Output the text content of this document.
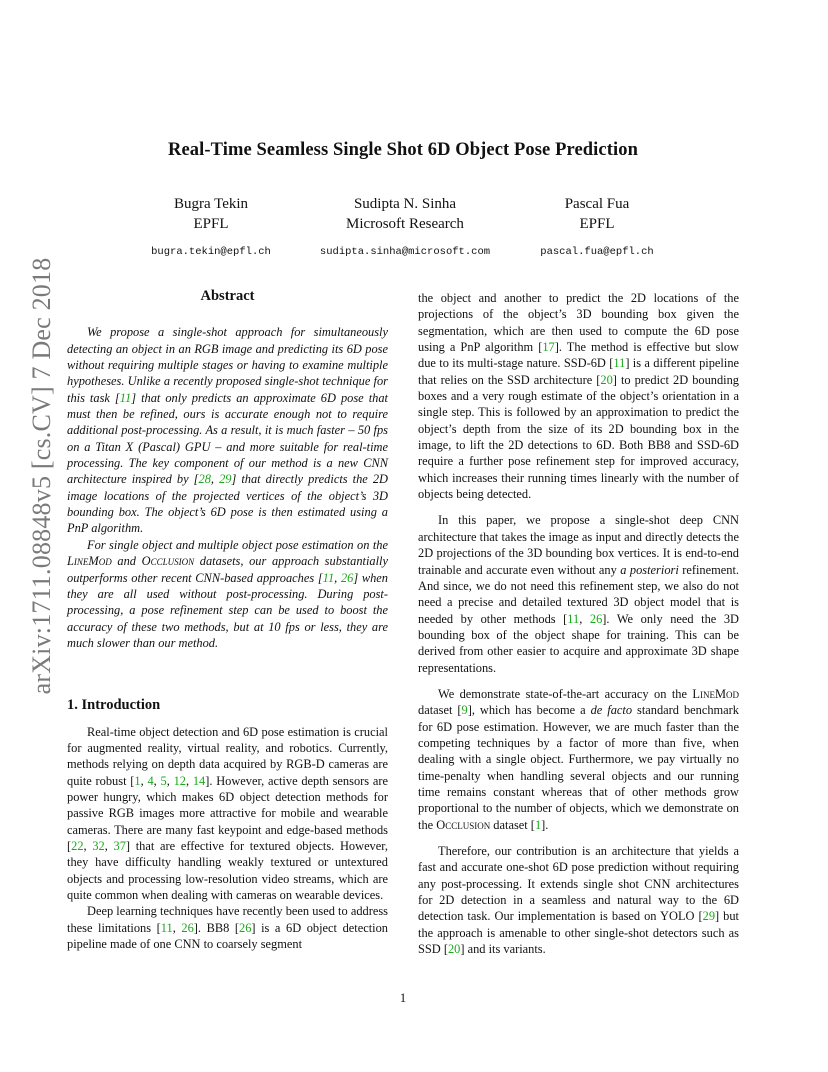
arXiv:1711.08848v5 [cs.CV] 7 Dec 2018
Real-Time Seamless Single Shot 6D Object Pose Prediction
Bugra Tekin
EPFL
bugra.tekin@epfl.ch
Sudipta N. Sinha
Microsoft Research
sudipta.sinha@microsoft.com
Pascal Fua
EPFL
pascal.fua@epfl.ch
Abstract

We propose a single-shot approach for simultaneously detecting an object in an RGB image and predicting its 6D pose without requiring multiple stages or having to examine multiple hypotheses. Unlike a recently proposed single-shot technique for this task [11] that only predicts an approximate 6D pose that must then be refined, ours is accurate enough not to require additional post-processing. As a result, it is much faster – 50 fps on a Titan X (Pascal) GPU – and more suitable for real-time processing. The key component of our method is a new CNN architecture inspired by [28, 29] that directly predicts the 2D image locations of the projected vertices of the object’s 3D bounding box. The object’s 6D pose is then estimated using a PnP algorithm.

For single object and multiple object pose estimation on the LineMod and Occlusion datasets, our approach substantially outperforms other recent CNN-based approaches [11, 26] when they are all used without post-processing. During post-processing, a pose refinement step can be used to boost the accuracy of these two methods, but at 10 fps or less, they are much slower than our method.

1. Introduction

Real-time object detection and 6D pose estimation is crucial for augmented reality, virtual reality, and robotics. Currently, methods relying on depth data acquired by RGB-D cameras are quite robust [1, 4, 5, 12, 14]. However, active depth sensors are power hungry, which makes 6D object detection methods for passive RGB images more attractive for mobile and wearable cameras. There are many fast keypoint and edge-based methods [22, 32, 37] that are effective for textured objects. However, they have difficulty handling weakly textured or untextured objects and processing low-resolution video streams, which are quite common when dealing with cameras on wearable devices.

Deep learning techniques have recently been used to address these limitations [11, 26]. BB8 [26] is a 6D object detection pipeline made of one CNN to coarsely segment

the object and another to predict the 2D locations of the projections of the object’s 3D bounding box given the segmentation, which are then used to compute the 6D pose using a PnP algorithm [17]. The method is effective but slow due to its multi-stage nature. SSD-6D [11] is a different pipeline that relies on the SSD architecture [20] to predict 2D bounding boxes and a very rough estimate of the object’s orientation in a single step. This is followed by an approximation to predict the object’s depth from the size of its 2D bounding box in the image, to lift the 2D detections to 6D. Both BB8 and SSD-6D require a further pose refinement step for improved accuracy, which increases their running times linearly with the number of objects being detected.

In this paper, we propose a single-shot deep CNN architecture that takes the image as input and directly detects the 2D projections of the 3D bounding box vertices. It is end-to-end trainable and accurate even without any a posteriori refinement. And since, we do not need this refinement step, we also do not need a precise and detailed textured 3D object model that is needed by other methods [11, 26]. We only need the 3D bounding box of the object shape for training. This can be derived from other easier to acquire and approximate 3D shape representations.

We demonstrate state-of-the-art accuracy on the LineMod dataset [9], which has become a de facto standard benchmark for 6D pose estimation. However, we are much faster than the competing techniques by a factor of more than five, when dealing with a single object. Furthermore, we pay virtually no time-penalty when handling several objects and our running time remains constant whereas that of other methods grow proportional to the number of objects, which we demonstrate on the Occlusion dataset [1].

Therefore, our contribution is an architecture that yields a fast and accurate one-shot 6D pose prediction without requiring any post-processing. It extends single shot CNN architectures for 2D detection in a seamless and natural way to the 6D detection task. Our implementation is based on YOLO [29] but the approach is amenable to other single-shot detectors such as SSD [20] and its variants.

1
